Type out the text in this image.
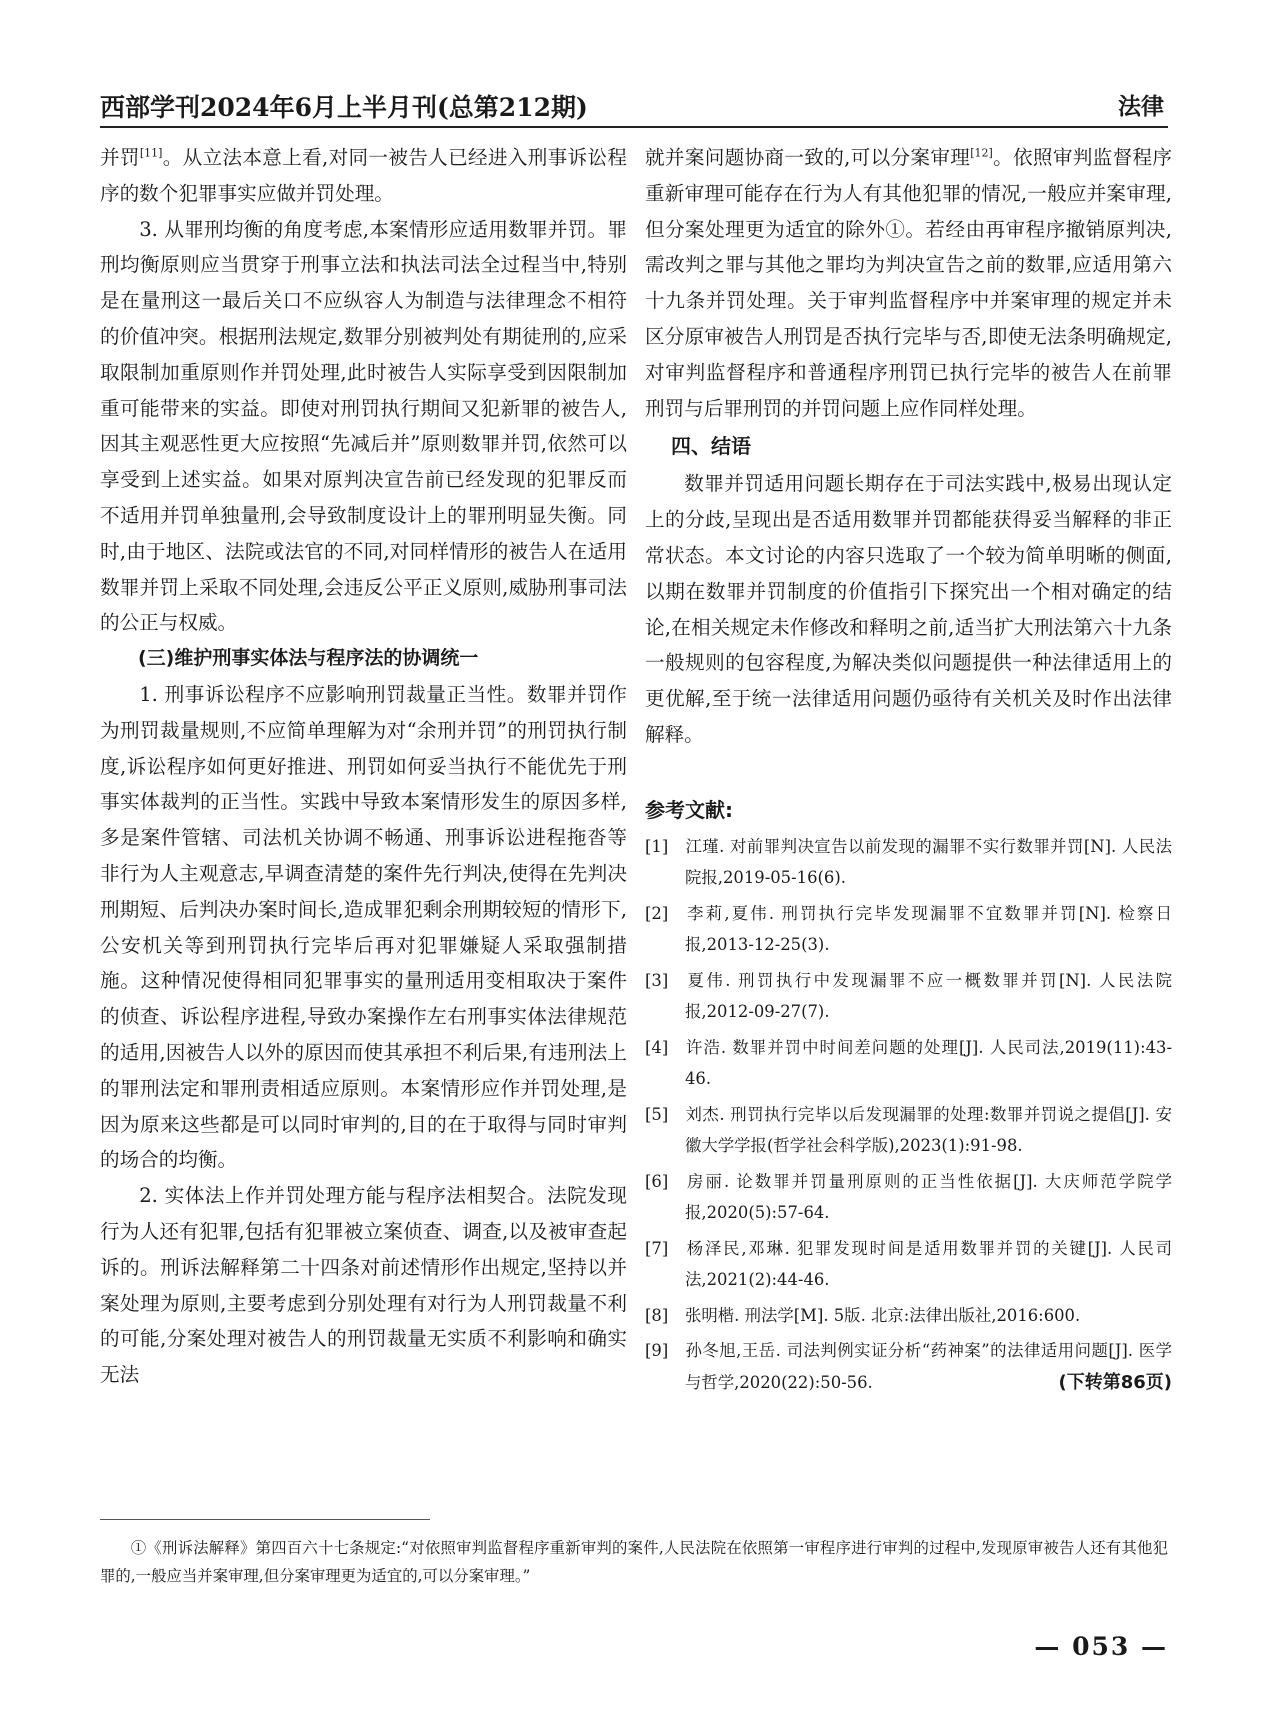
西部学刊2024年6月上半月刊(总第212期)	法律

并罚[11]。从立法本意上看,对同一被告人已经进入刑事诉讼程序的数个犯罪事实应做并罚处理。

3. 从罪刑均衡的角度考虑,本案情形应适用数罪并罚。罪刑均衡原则应当贯穿于刑事立法和执法司法全过程当中,特别是在量刑这一最后关口不应纵容人为制造与法律理念不相符的价值冲突。根据刑法规定,数罪分别被判处有期徒刑的,应采取限制加重原则作并罚处理,此时被告人实际享受到因限制加重可能带来的实益。即使对刑罚执行期间又犯新罪的被告人,因其主观恶性更大应按照“先减后并”原则数罪并罚,依然可以享受到上述实益。如果对原判决宣告前已经发现的犯罪反而不适用并罚单独量刑,会导致制度设计上的罪刑明显失衡。同时,由于地区、法院或法官的不同,对同样情形的被告人在适用数罪并罚上采取不同处理,会违反公平正义原则,威胁刑事司法的公正与权威。

(三)维护刑事实体法与程序法的协调统一

1. 刑事诉讼程序不应影响刑罚裁量正当性。数罪并罚作为刑罚裁量规则,不应简单理解为对“余刑并罚”的刑罚执行制度,诉讼程序如何更好推进、刑罚如何妥当执行不能优先于刑事实体裁判的正当性。实践中导致本案情形发生的原因多样,多是案件管辖、司法机关协调不畅通、刑事诉讼进程拖沓等非行为人主观意志,早调查清楚的案件先行判决,使得在先判决刑期短、后判决办案时间长,造成罪犯剩余刑期较短的情形下,公安机关等到刑罚执行完毕后再对犯罪嫌疑人采取强制措施。这种情况使得相同犯罪事实的量刑适用变相取决于案件的侦查、诉讼程序进程,导致办案操作左右刑事实体法律规范的适用,因被告人以外的原因而使其承担不利后果,有违刑法上的罪刑法定和罪刑责相适应原则。本案情形应作并罚处理,是因为原来这些都是可以同时审判的,目的在于取得与同时审判的场合的均衡。

2. 实体法上作并罚处理方能与程序法相契合。法院发现行为人还有犯罪,包括有犯罪被立案侦查、调查,以及被审查起诉的。刑诉法解释第二十四条对前述情形作出规定,坚持以并案处理为原则,主要考虑到分别处理有对行为人刑罚裁量不利的可能,分案处理对被告人的刑罚裁量无实质不利影响和确实无法

就并案问题协商一致的,可以分案审理[12]。依照审判监督程序重新审理可能存在行为人有其他犯罪的情况,一般应并案审理,但分案处理更为适宜的除外①。若经由再审程序撤销原判决,需改判之罪与其他之罪均为判决宣告之前的数罪,应适用第六十九条并罚处理。关于审判监督程序中并案审理的规定并未区分原审被告人刑罚是否执行完毕与否,即使无法条明确规定,对审判监督程序和普通程序刑罚已执行完毕的被告人在前罪刑罚与后罪刑罚的并罚问题上应作同样处理。

四、结语

数罪并罚适用问题长期存在于司法实践中,极易出现认定上的分歧,呈现出是否适用数罪并罚都能获得妥当解释的非正常状态。本文讨论的内容只选取了一个较为简单明晰的侧面,以期在数罪并罚制度的价值指引下探究出一个相对确定的结论,在相关规定未作修改和释明之前,适当扩大刑法第六十九条一般规则的包容程度,为解决类似问题提供一种法律适用上的更优解,至于统一法律适用问题仍亟待有关机关及时作出法律解释。

参考文献:
[1] 江瑾. 对前罪判决宣告以前发现的漏罪不实行数罪并罚[N]. 人民法院报,2019-05-16(6).
[2] 李莉,夏伟. 刑罚执行完毕发现漏罪不宜数罪并罚[N]. 检察日报,2013-12-25(3).
[3] 夏伟. 刑罚执行中发现漏罪不应一概数罪并罚[N]. 人民法院报,2012-09-27(7).
[4] 许浩. 数罪并罚中时间差问题的处理[J]. 人民司法,2019(11):43-46.
[5] 刘杰. 刑罚执行完毕以后发现漏罪的处理:数罪并罚说之提倡[J]. 安徽大学学报(哲学社会科学版),2023(1):91-98.
[6] 房丽. 论数罪并罚量刑原则的正当性依据[J]. 大庆师范学院学报,2020(5):57-64.
[7] 杨泽民,邓琳. 犯罪发现时间是适用数罪并罚的关键[J]. 人民司法,2021(2):44-46.
[8] 张明楷. 刑法学[M]. 5版. 北京:法律出版社,2016:600.
[9] 孙冬旭,王岳. 司法判例实证分析“药神案”的法律适用问题[J]. 医学与哲学,2020(22):50-56.	(下转第86页)
①《刑诉法解释》第四百六十七条规定:“对依照审判监督程序重新审判的案件,人民法院在依照第一审程序进行审判的过程中,发现原审被告人还有其他犯罪的,一般应当并案审理,但分案审理更为适宜的,可以分案审理。”
— 053 —
